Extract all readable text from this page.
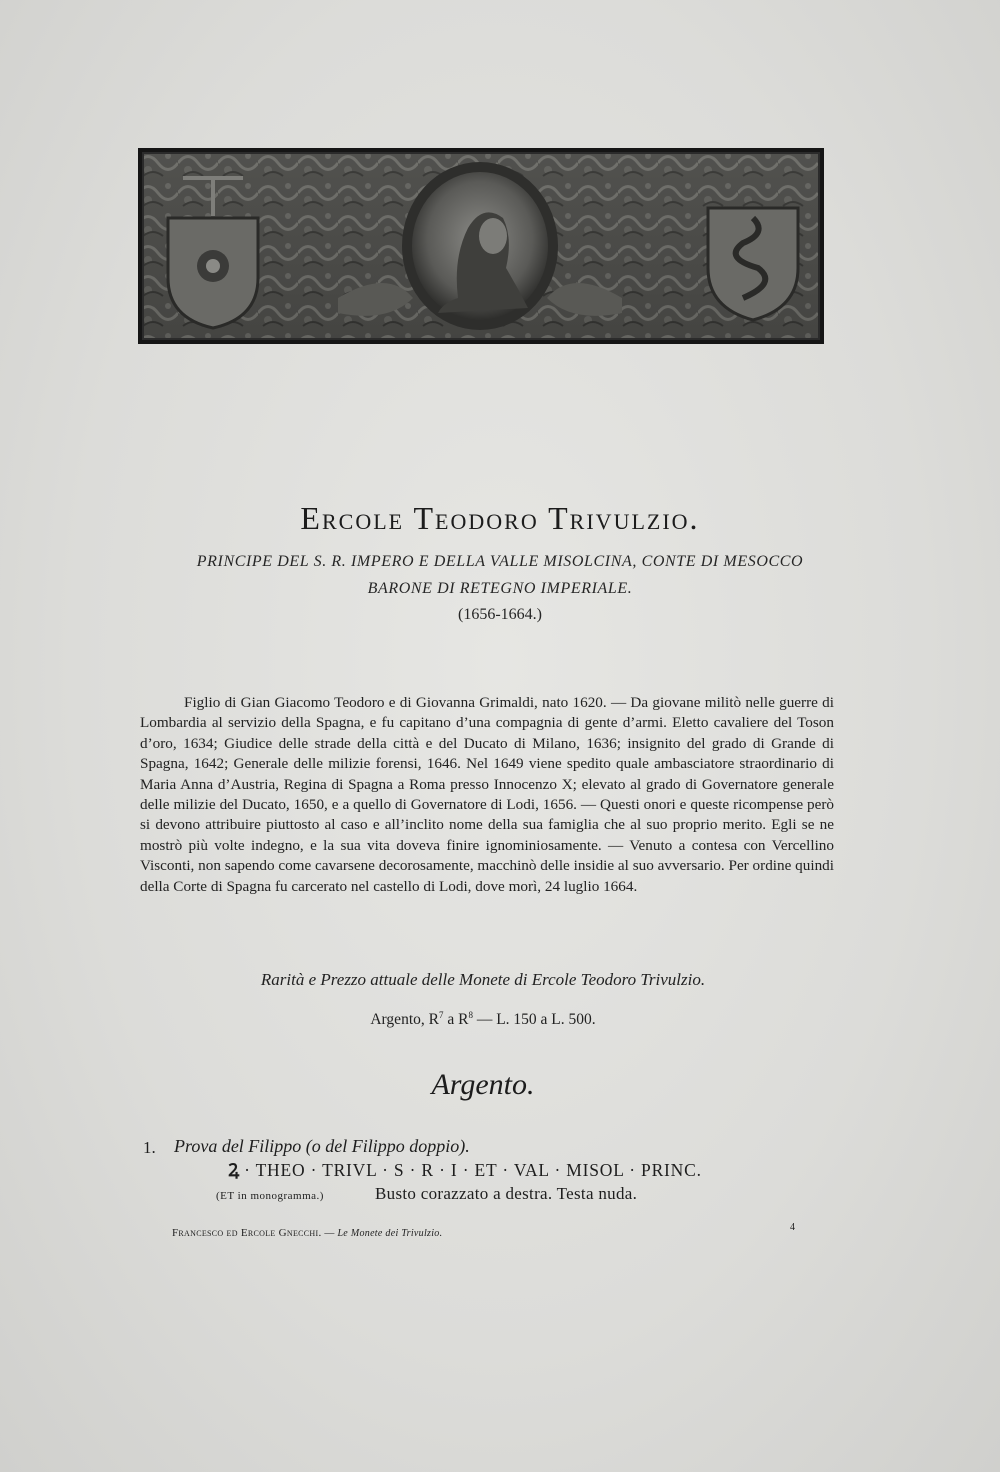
Ercole Teodoro Trivulzio.
PRINCIPE DEL S. R. IMPERO E DELLA VALLE MISOLCINA, CONTE DI MESOCCO
BARONE DI RETEGNO IMPERIALE.
(1656-1664.)
Figlio di Gian Giacomo Teodoro e di Giovanna Grimaldi, nato 1620. — Da giovane militò nelle guerre di Lombardia al servizio della Spagna, e fu capitano d’una compagnia di gente d’armi. Eletto cavaliere del Toson d’oro, 1634; Giudice delle strade della città e del Ducato di Milano, 1636; insignito del grado di Grande di Spagna, 1642; Generale delle milizie forensi, 1646. Nel 1649 viene spedito quale ambasciatore straordinario di Maria Anna d’Austria, Regina di Spagna a Roma presso Innocenzo X; elevato al grado di Governatore generale delle milizie del Ducato, 1650, e a quello di Governatore di Lodi, 1656. — Questi onori e queste ricompense però si devono attribuire piuttosto al caso e all’inclito nome della sua famiglia che al suo proprio merito. Egli se ne mostrò più volte indegno, e la sua vita doveva finire ignominiosamente. — Venuto a contesa con Vercellino Visconti, non sapendo come cavarsene decorosamente, macchinò delle insidie al suo avversario. Per ordine quindi della Corte di Spagna fu carcerato nel castello di Lodi, dove morì, 24 luglio 1664.
Rarità e Prezzo attuale delle Monete di Ercole Teodoro Trivulzio.
Argento, $R^7$ a $R^8$ — L. 150 a L. 500.
Argento.
1. Prova del Filippo (o del Filippo doppio).
Ꝝ · THEO · TRIVL · S · R · I · ET · VAL · MISOL · PRINC.
(ET in monogramma.)	Busto corazzato a destra. Testa nuda.
Francesco ed Ercole Gnecchi. — Le Monete dei Trivulzio.
4
